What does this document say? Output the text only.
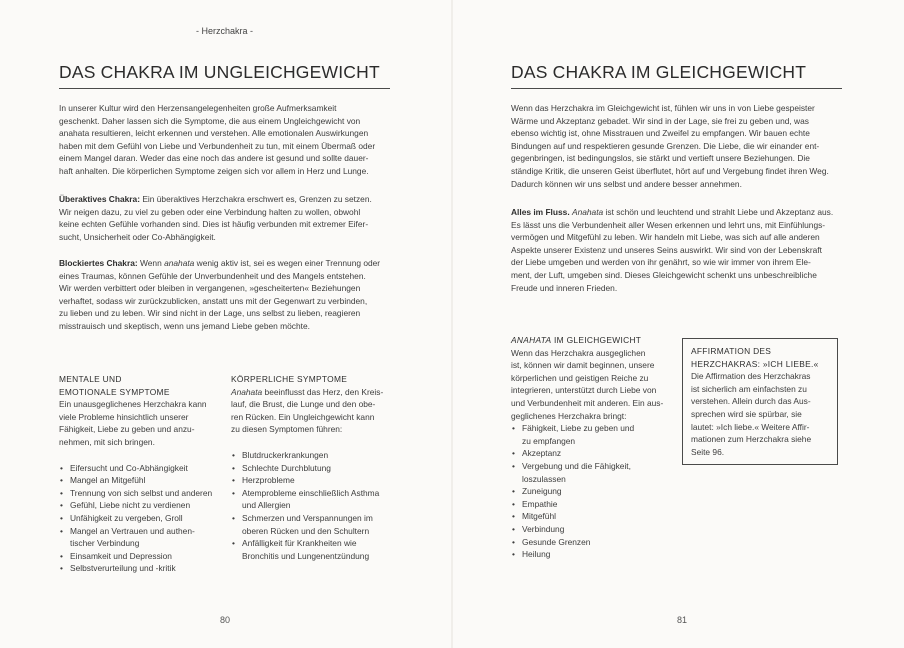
- Herzchakra -
DAS CHAKRA IM UNGLEICHGEWICHT
In unserer Kultur wird den Herzensangelegenheiten große Aufmerksamkeit
geschenkt. Daher lassen sich die Symptome, die aus einem Ungleichgewicht von
anahata resultieren, leicht erkennen und verstehen. Alle emotionalen Auswirkungen
haben mit dem Gefühl von Liebe und Verbundenheit zu tun, mit einem Übermaß oder
einem Mangel daran. Weder das eine noch das andere ist gesund und sollte dauer-
haft anhalten. Die körperlichen Symptome zeigen sich vor allem in Herz und Lunge.
Überaktives Chakra: Ein überaktives Herzchakra erschwert es, Grenzen zu setzen.
Wir neigen dazu, zu viel zu geben oder eine Verbindung halten zu wollen, obwohl
keine echten Gefühle vorhanden sind. Dies ist häufig verbunden mit extremer Eifer-
sucht, Unsicherheit oder Co-Abhängigkeit.
Blockiertes Chakra: Wenn anahata wenig aktiv ist, sei es wegen einer Trennung oder
eines Traumas, können Gefühle der Unverbundenheit und des Mangels entstehen.
Wir werden verbittert oder bleiben in vergangenen, »gescheiterten« Beziehungen
verhaftet, sodass wir zurückzublicken, anstatt uns mit der Gegenwart zu verbinden,
zu lieben und zu leben. Wir sind nicht in der Lage, uns selbst zu lieben, reagieren
misstrauisch und skeptisch, wenn uns jemand Liebe geben möchte.
MENTALE UND
EMOTIONALE SYMPTOME
Ein unausgeglichenes Herzchakra kann
viele Probleme hinsichtlich unserer
Fähigkeit, Liebe zu geben und anzu-
nehmen, mit sich bringen.
• Eifersucht und Co-Abhängigkeit
• Mangel an Mitgefühl
• Trennung von sich selbst und anderen
• Gefühl, Liebe nicht zu verdienen
• Unfähigkeit zu vergeben, Groll
• Mangel an Vertrauen und authen-
tischer Verbindung
• Einsamkeit und Depression
• Selbstverurteilung und -kritik
KÖRPERLICHE SYMPTOME
Anahata beeinflusst das Herz, den Kreis-
lauf, die Brust, die Lunge und den obe-
ren Rücken. Ein Ungleichgewicht kann
zu diesen Symptomen führen:
• Blutdruckerkrankungen
• Schlechte Durchblutung
• Herzprobleme
• Atemprobleme einschließlich Asthma
und Allergien
• Schmerzen und Verspannungen im
oberen Rücken und den Schultern
• Anfälligkeit für Krankheiten wie
Bronchitis und Lungenentzündung
80
DAS CHAKRA IM GLEICHGEWICHT
Wenn das Herzchakra im Gleichgewicht ist, fühlen wir uns in von Liebe gespeister
Wärme und Akzeptanz gebadet. Wir sind in der Lage, sie frei zu geben und, was
ebenso wichtig ist, ohne Misstrauen und Zweifel zu empfangen. Wir bauen echte
Bindungen auf und respektieren gesunde Grenzen. Die Liebe, die wir einander ent-
gegenbringen, ist bedingungslos, sie stärkt und vertieft unsere Beziehungen. Die
ständige Kritik, die unseren Geist überflutet, hört auf und Vergebung findet ihren Weg.
Dadurch können wir uns selbst und andere besser annehmen.
Alles im Fluss. Anahata ist schön und leuchtend und strahlt Liebe und Akzeptanz aus.
Es lässt uns die Verbundenheit aller Wesen erkennen und lehrt uns, mit Einfühlungs-
vermögen und Mitgefühl zu leben. Wir handeln mit Liebe, was sich auf alle anderen
Aspekte unserer Existenz und unseres Seins auswirkt. Wir sind von der Lebenskraft
der Liebe umgeben und werden von ihr genährt, so wie wir immer von ihrem Ele-
ment, der Luft, umgeben sind. Dieses Gleichgewicht schenkt uns unbeschreibliche
Freude und inneren Frieden.
ANAHATA IM GLEICHGEWICHT
Wenn das Herzchakra ausgeglichen
ist, können wir damit beginnen, unsere
körperlichen und geistigen Reiche zu
integrieren, unterstützt durch Liebe von
und Verbundenheit mit anderen. Ein aus-
geglichenes Herzchakra bringt:
• Fähigkeit, Liebe zu geben und
zu empfangen
• Akzeptanz
• Vergebung und die Fähigkeit,
loszulassen
• Zuneigung
• Empathie
• Mitgefühl
• Verbindung
• Gesunde Grenzen
• Heilung
AFFIRMATION DES
HERZCHAKRAS: »ICH LIEBE.«
Die Affirmation des Herzchakras
ist sicherlich am einfachsten zu
verstehen. Allein durch das Aus-
sprechen wird sie spürbar, sie
lautet: »Ich liebe.« Weitere Affir-
mationen zum Herzchakra siehe
Seite 96.
81
